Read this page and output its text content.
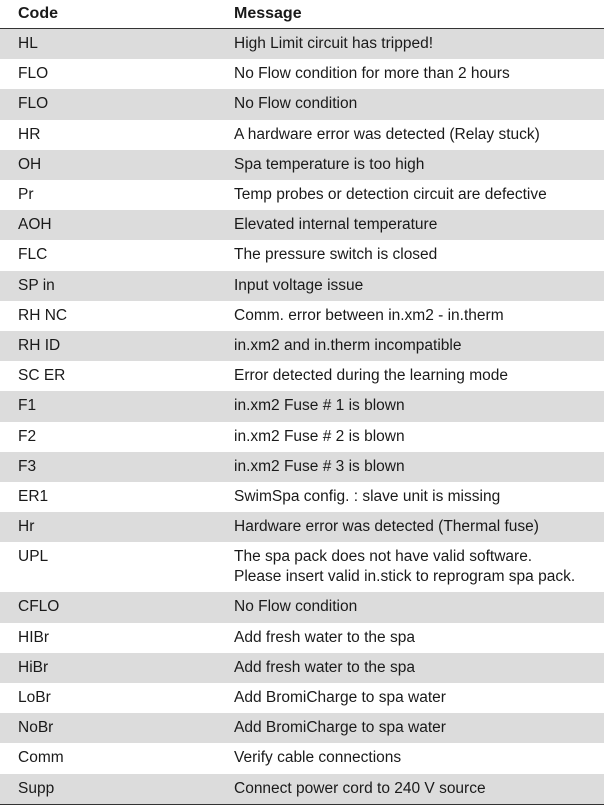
Code	Message
HL	High Limit circuit has tripped!
FLO	No Flow condition for more than 2 hours
FLO	No Flow condition
HR	A hardware error was detected (Relay stuck)
OH	Spa temperature is too high
Pr	Temp probes or detection circuit are defective
AOH	Elevated internal temperature
FLC	The pressure switch is closed
SP in	Input voltage issue
RH NC	Comm. error between in.xm2 - in.therm
RH ID	in.xm2 and in.therm incompatible
SC ER	Error detected during the learning mode
F1	in.xm2 Fuse # 1 is blown
F2	in.xm2 Fuse # 2 is blown
F3	in.xm2 Fuse # 3 is blown
ER1	SwimSpa config. : slave unit is missing
Hr	Hardware error was detected (Thermal fuse)
UPL	The spa pack does not have valid software.
Please insert valid in.stick to reprogram spa pack.
CFLO	No Flow condition
HIBr	Add fresh water to the spa
HiBr	Add fresh water to the spa
LoBr	Add BromiCharge to spa water
NoBr	Add BromiCharge to spa water
Comm	Verify cable connections
Supp	Connect power cord to 240 V source
